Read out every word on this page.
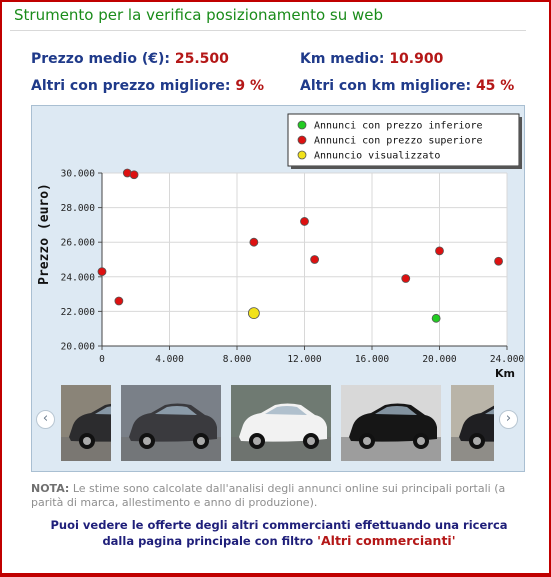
Strumento per la verifica posizionamento su web
Prezzo medio (€): 25.500	Km medio: 10.900
Altri con prezzo migliore: 9 %	Altri con km migliore: 45 %
20.000
22.000
24.000
26.000
28.000
30.000
0	4.000	8.000	12.000	16.000	20.000	24.000
Prezzo (euro)
Km
Annunci con prezzo inferiore
Annunci con prezzo superiore
Annuncio visualizzato
‹	›
NOTA: Le stime sono calcolate dall'analisi degli annunci online sui principali portali (a parità di marca, allestimento e anno di produzione).
Puoi vedere le offerte degli altri commercianti effettuando una ricerca dalla pagina principale con filtro 'Altri commercianti'
